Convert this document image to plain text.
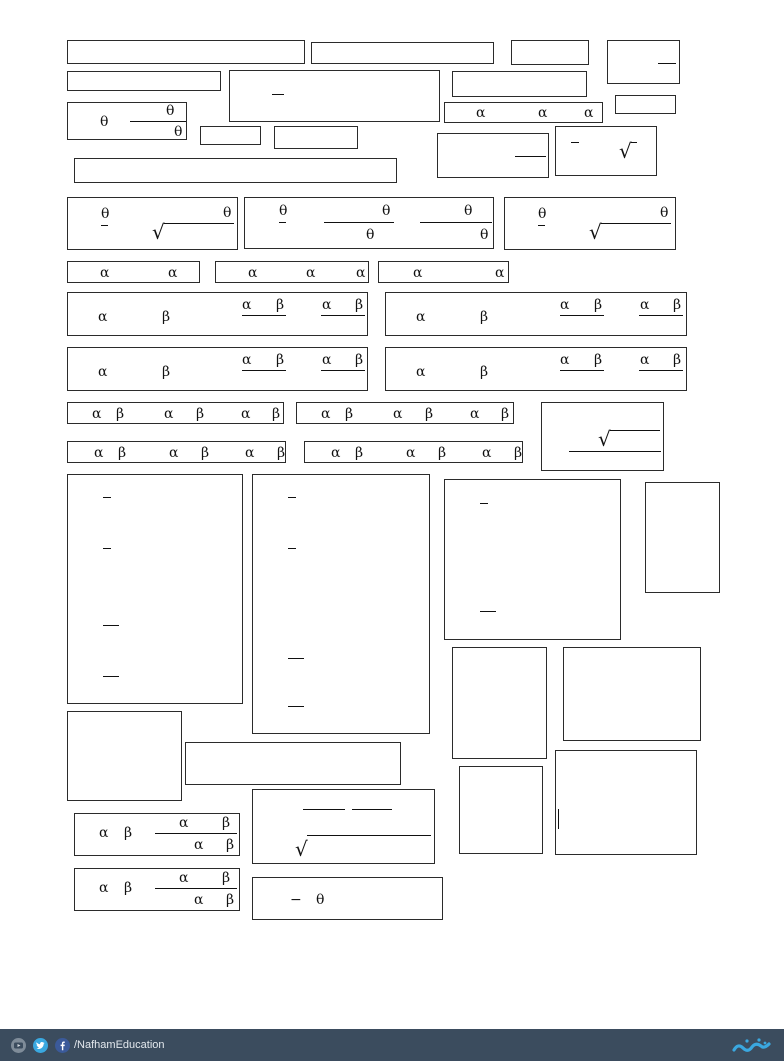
θ
θ
θ
α	α	α
√
θ
√
θ	θ	θ
θ
θ
θ
θ
√
θ
α	α	α	α	α	α	α
α	β
α β	α β
α	β
α β	α β
α	β
α β	α β
α	β
α β	α β
α β	α β	α β	α β	α β	α β
√
α β	α β	α β	α β	α β	α β
α β
α β
α β	√
α β
α β
α β	− θ
/NafhamEducation
